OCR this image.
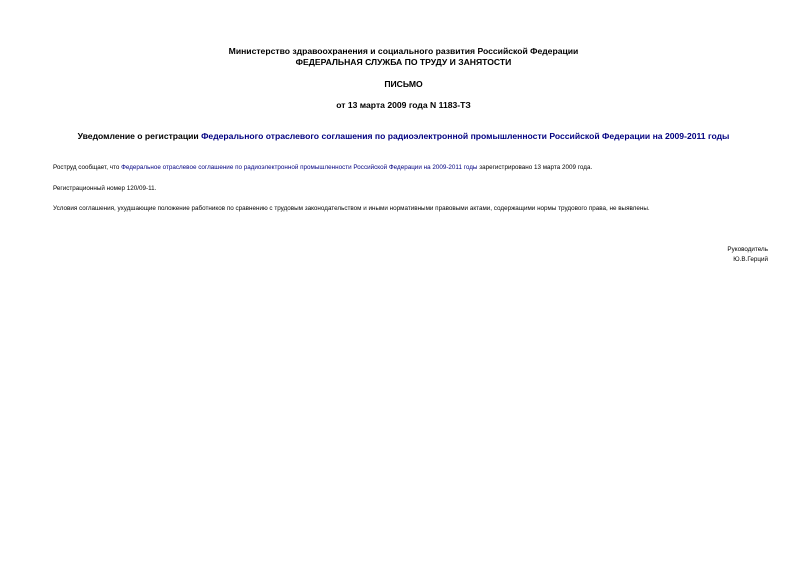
Министерство здравоохранения и социального развития Российской Федерации
ФЕДЕРАЛЬНАЯ СЛУЖБА ПО ТРУДУ И ЗАНЯТОСТИ
ПИСЬМО
от 13 марта 2009 года N 1183-ТЗ
Уведомление о регистрации Федерального отраслевого соглашения по радиоэлектронной промышленности Российской Федерации на 2009-2011 годы
Роструд сообщает, что Федеральное отраслевое соглашение по радиоэлектронной промышленности Российской Федерации на 2009-2011 годы зарегистрировано 13 марта 2009 года.
Регистрационный номер 120/09-11.
Условия соглашения, ухудшающие положение работников по сравнению с трудовым законодательством и иными нормативными правовыми актами, содержащими нормы трудового права, не выявлены.
Руководитель
Ю.В.Герций
